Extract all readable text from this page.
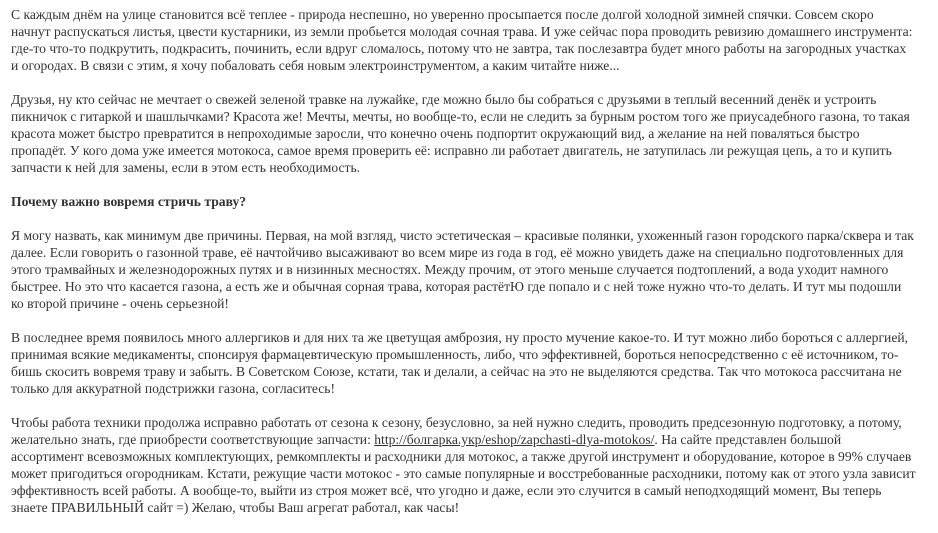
С каждым днём на улице становится всё теплее - природа неспешно, но уверенно просыпается после долгой холодной зимней спячки. Совсем скоро начнут распускаться листья, цвести кустарники, из земли пробьется молодая сочная трава. И уже сейчас пора проводить ревизию домашнего инструмента: где-то что-то подкрутить, подкрасить, починить, если вдруг сломалось, потому что не завтра, так послезавтра будет много работы на загородных участках и огородах. В связи с этим, я хочу побаловать себя новым электроинструментом, а каким читайте ниже...

Друзья, ну кто сейчас не мечтает о свежей зеленой травке на лужайке, где можно было бы собраться с друзьями в теплый весенний денёк и устроить пикничок с гитаркой и шашлычками? Красота же! Мечты, мечты, но вообще-то, если не следить за бурным ростом того же приусадебного газона, то такая красота может быстро превратится в непроходимые заросли, что конечно очень подпортит окружающий вид, а желание на ней поваляться быстро пропадёт. У кого дома уже имеется мотокоса, самое время проверить её: исправно ли работает двигатель, не затупилась ли режущая цепь, а то и купить запчасти к ней для замены, если в этом есть необходимость.

Почему важно вовремя стричь траву?

Я могу назвать, как минимум две причины. Первая, на мой взгляд, чисто эстетическая – красивые полянки, ухоженный газон городского парка/сквера и так далее. Если говорить о газонной траве, её начтойчиво высаживают во всем мире из года в год, её можно увидеть даже на специально подготовленных для этого трамвайных и железнодорожных путях и в низинных месностях. Между прочим, от этого меньше случается подтоплений, а вода уходит намного быстрее. Но это что касается газона, а есть же и обычная сорная трава, которая растётЮ где попало и с ней тоже нужно что-то делать. И тут мы подошли ко второй причине - очень серьезной!

В последнее время появилось много аллергиков и для них та же цветущая амброзия, ну просто мучение какое-то. И тут можно либо бороться с аллергией, принимая всякие медикаменты, спонсируя фармацевтическую промышленность, либо, что эффективней, бороться непосредственно с её источником, то-бишь скосить вовремя траву и забыть. В Советском Союзе, кстати, так и делали, а сейчас на это не выделяются средства. Так что мотокоса рассчитана не только для аккуратной подстрижки газона, согласитесь!

Чтобы работа техники продолжа исправно работать от сезона к сезону, безусловно, за ней нужно следить, проводить предсезонную подготовку, а потому, желательно знать, где приобрести соответствующие запчасти: http://болгарка.укр/eshop/zapchasti-dlya-motokos/. На сайте представлен большой ассортимент всевозможных комплектующих, ремкомплекты и расходники для мотокос, а также другой инструмент и оборудование, которое в 99% случаев может пригодиться огородникам. Кстати, режущие части мотокос - это самые популярные и восстребованные расходники, потому как от этого узла зависит эффективность всей работы. А вообще-то, выйти из строя может всё, что угодно и даже, если это случится в самый неподходящий момент, Вы теперь знаете ПРАВИЛЬНЫЙ сайт =) Желаю, чтобы Ваш агрегат работал, как часы!
